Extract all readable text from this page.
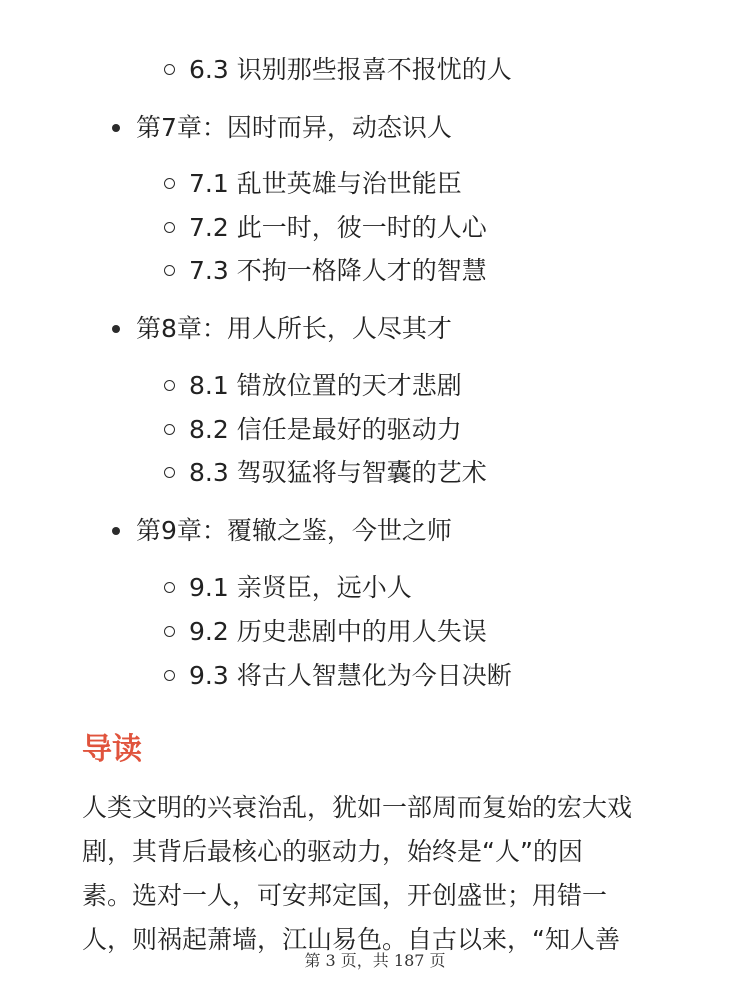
6.3 识别那些报喜不报忧的人
第7章：因时而异，动态识人
7.1 乱世英雄与治世能臣
7.2 此一时，彼一时的人心
7.3 不拘一格降人才的智慧
第8章：用人所长，人尽其才
8.1 错放位置的天才悲剧
8.2 信任是最好的驱动力
8.3 驾驭猛将与智囊的艺术
第9章：覆辙之鉴，今世之师
9.1 亲贤臣，远小人
9.2 历史悲剧中的用人失误
9.3 将古人智慧化为今日决断
导读
人类文明的兴衰治乱，犹如一部周而复始的宏大戏
剧，其背后最核心的驱动力，始终是“人”的因
素。选对一人，可安邦定国，开创盛世；用错一
人，则祸起萧墙，江山易色。自古以来，“知人善
第 3 页，共 187 页
